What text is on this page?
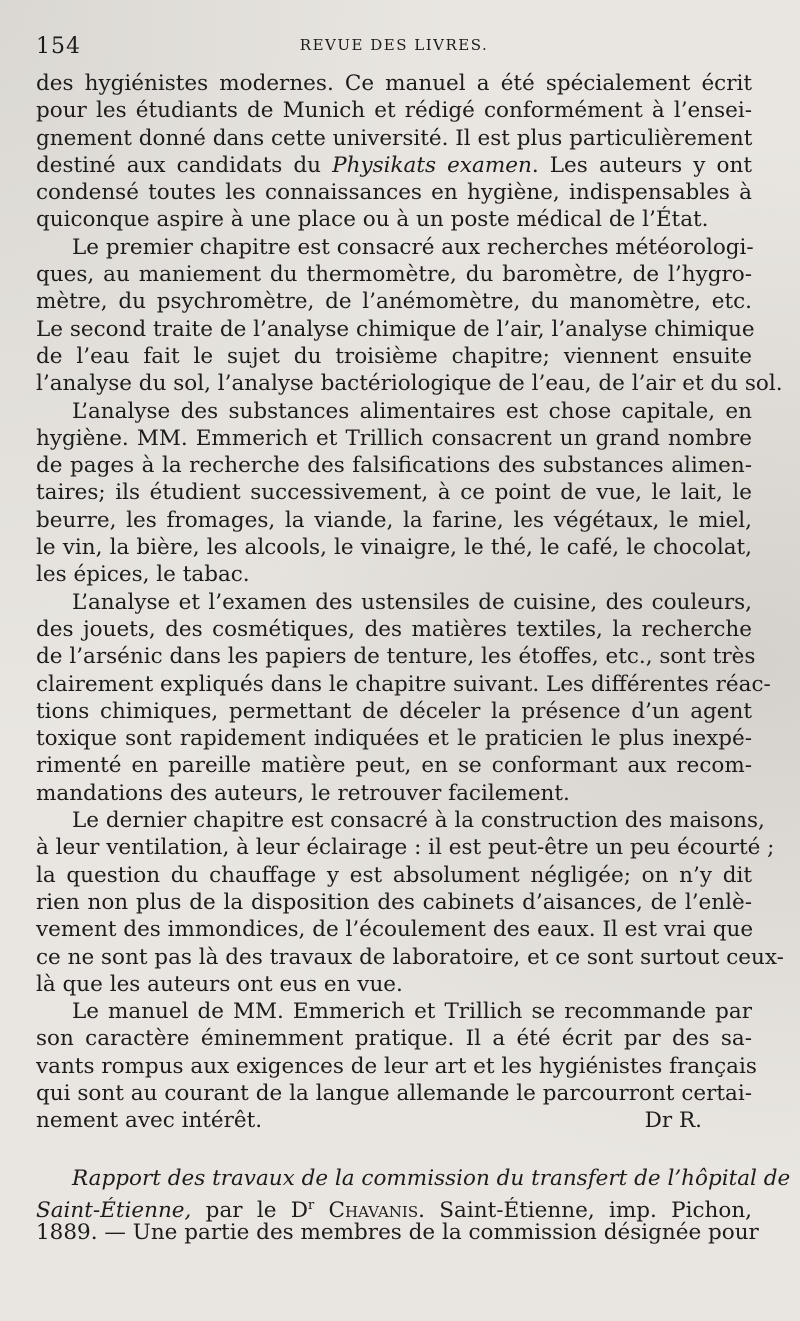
154	REVUE DES LIVRES.
des hygiénistes modernes. Ce manuel a été spécialement écrit
pour les étudiants de Munich et rédigé conformément à l’ensei-
gnement donné dans cette université. Il est plus particulièrement
destiné aux candidats du Physikats examen. Les auteurs y ont
condensé toutes les connaissances en hygiène, indispensables à
quiconque aspire à une place ou à un poste médical de l’État.
Le premier chapitre est consacré aux recherches météorologi-
ques, au maniement du thermomètre, du baromètre, de l’hygro-
mètre, du psychromètre, de l’anémomètre, du manomètre, etc.
Le second traite de l’analyse chimique de l’air, l’analyse chimique
de l’eau fait le sujet du troisième chapitre; viennent ensuite
l’analyse du sol, l’analyse bactériologique de l’eau, de l’air et du sol.
L’analyse des substances alimentaires est chose capitale, en
hygiène. MM. Emmerich et Trillich consacrent un grand nombre
de pages à la recherche des falsifications des substances alimen-
taires; ils étudient successivement, à ce point de vue, le lait, le
beurre, les fromages, la viande, la farine, les végétaux, le miel,
le vin, la bière, les alcools, le vinaigre, le thé, le café, le chocolat,
les épices, le tabac.
L’analyse et l’examen des ustensiles de cuisine, des couleurs,
des jouets, des cosmétiques, des matières textiles, la recherche
de l’arsénic dans les papiers de tenture, les étoffes, etc., sont très
clairement expliqués dans le chapitre suivant. Les différentes réac-
tions chimiques, permettant de déceler la présence d’un agent
toxique sont rapidement indiquées et le praticien le plus inexpé-
rimenté en pareille matière peut, en se conformant aux recom-
mandations des auteurs, le retrouver facilement.
Le dernier chapitre est consacré à la construction des maisons,
à leur ventilation, à leur éclairage : il est peut-être un peu écourté ;
la question du chauffage y est absolument négligée; on n’y dit
rien non plus de la disposition des cabinets d’aisances, de l’enlè-
vement des immondices, de l’écoulement des eaux. Il est vrai que
ce ne sont pas là des travaux de laboratoire, et ce sont surtout ceux-
là que les auteurs ont eus en vue.
Le manuel de MM. Emmerich et Trillich se recommande par
son caractère éminemment pratique. Il a été écrit par des sa-
vants rompus aux exigences de leur art et les hygiénistes français
qui sont au courant de la langue allemande le parcourront certai-
nement avec intérêt.	Dr R.
Rapport des travaux de la commission du transfert de l’hôpital de
Saint-Étienne, par le $D^r$ Chavanis. Saint-Étienne, imp. Pichon,
1889. — Une partie des membres de la commission désignée pour
